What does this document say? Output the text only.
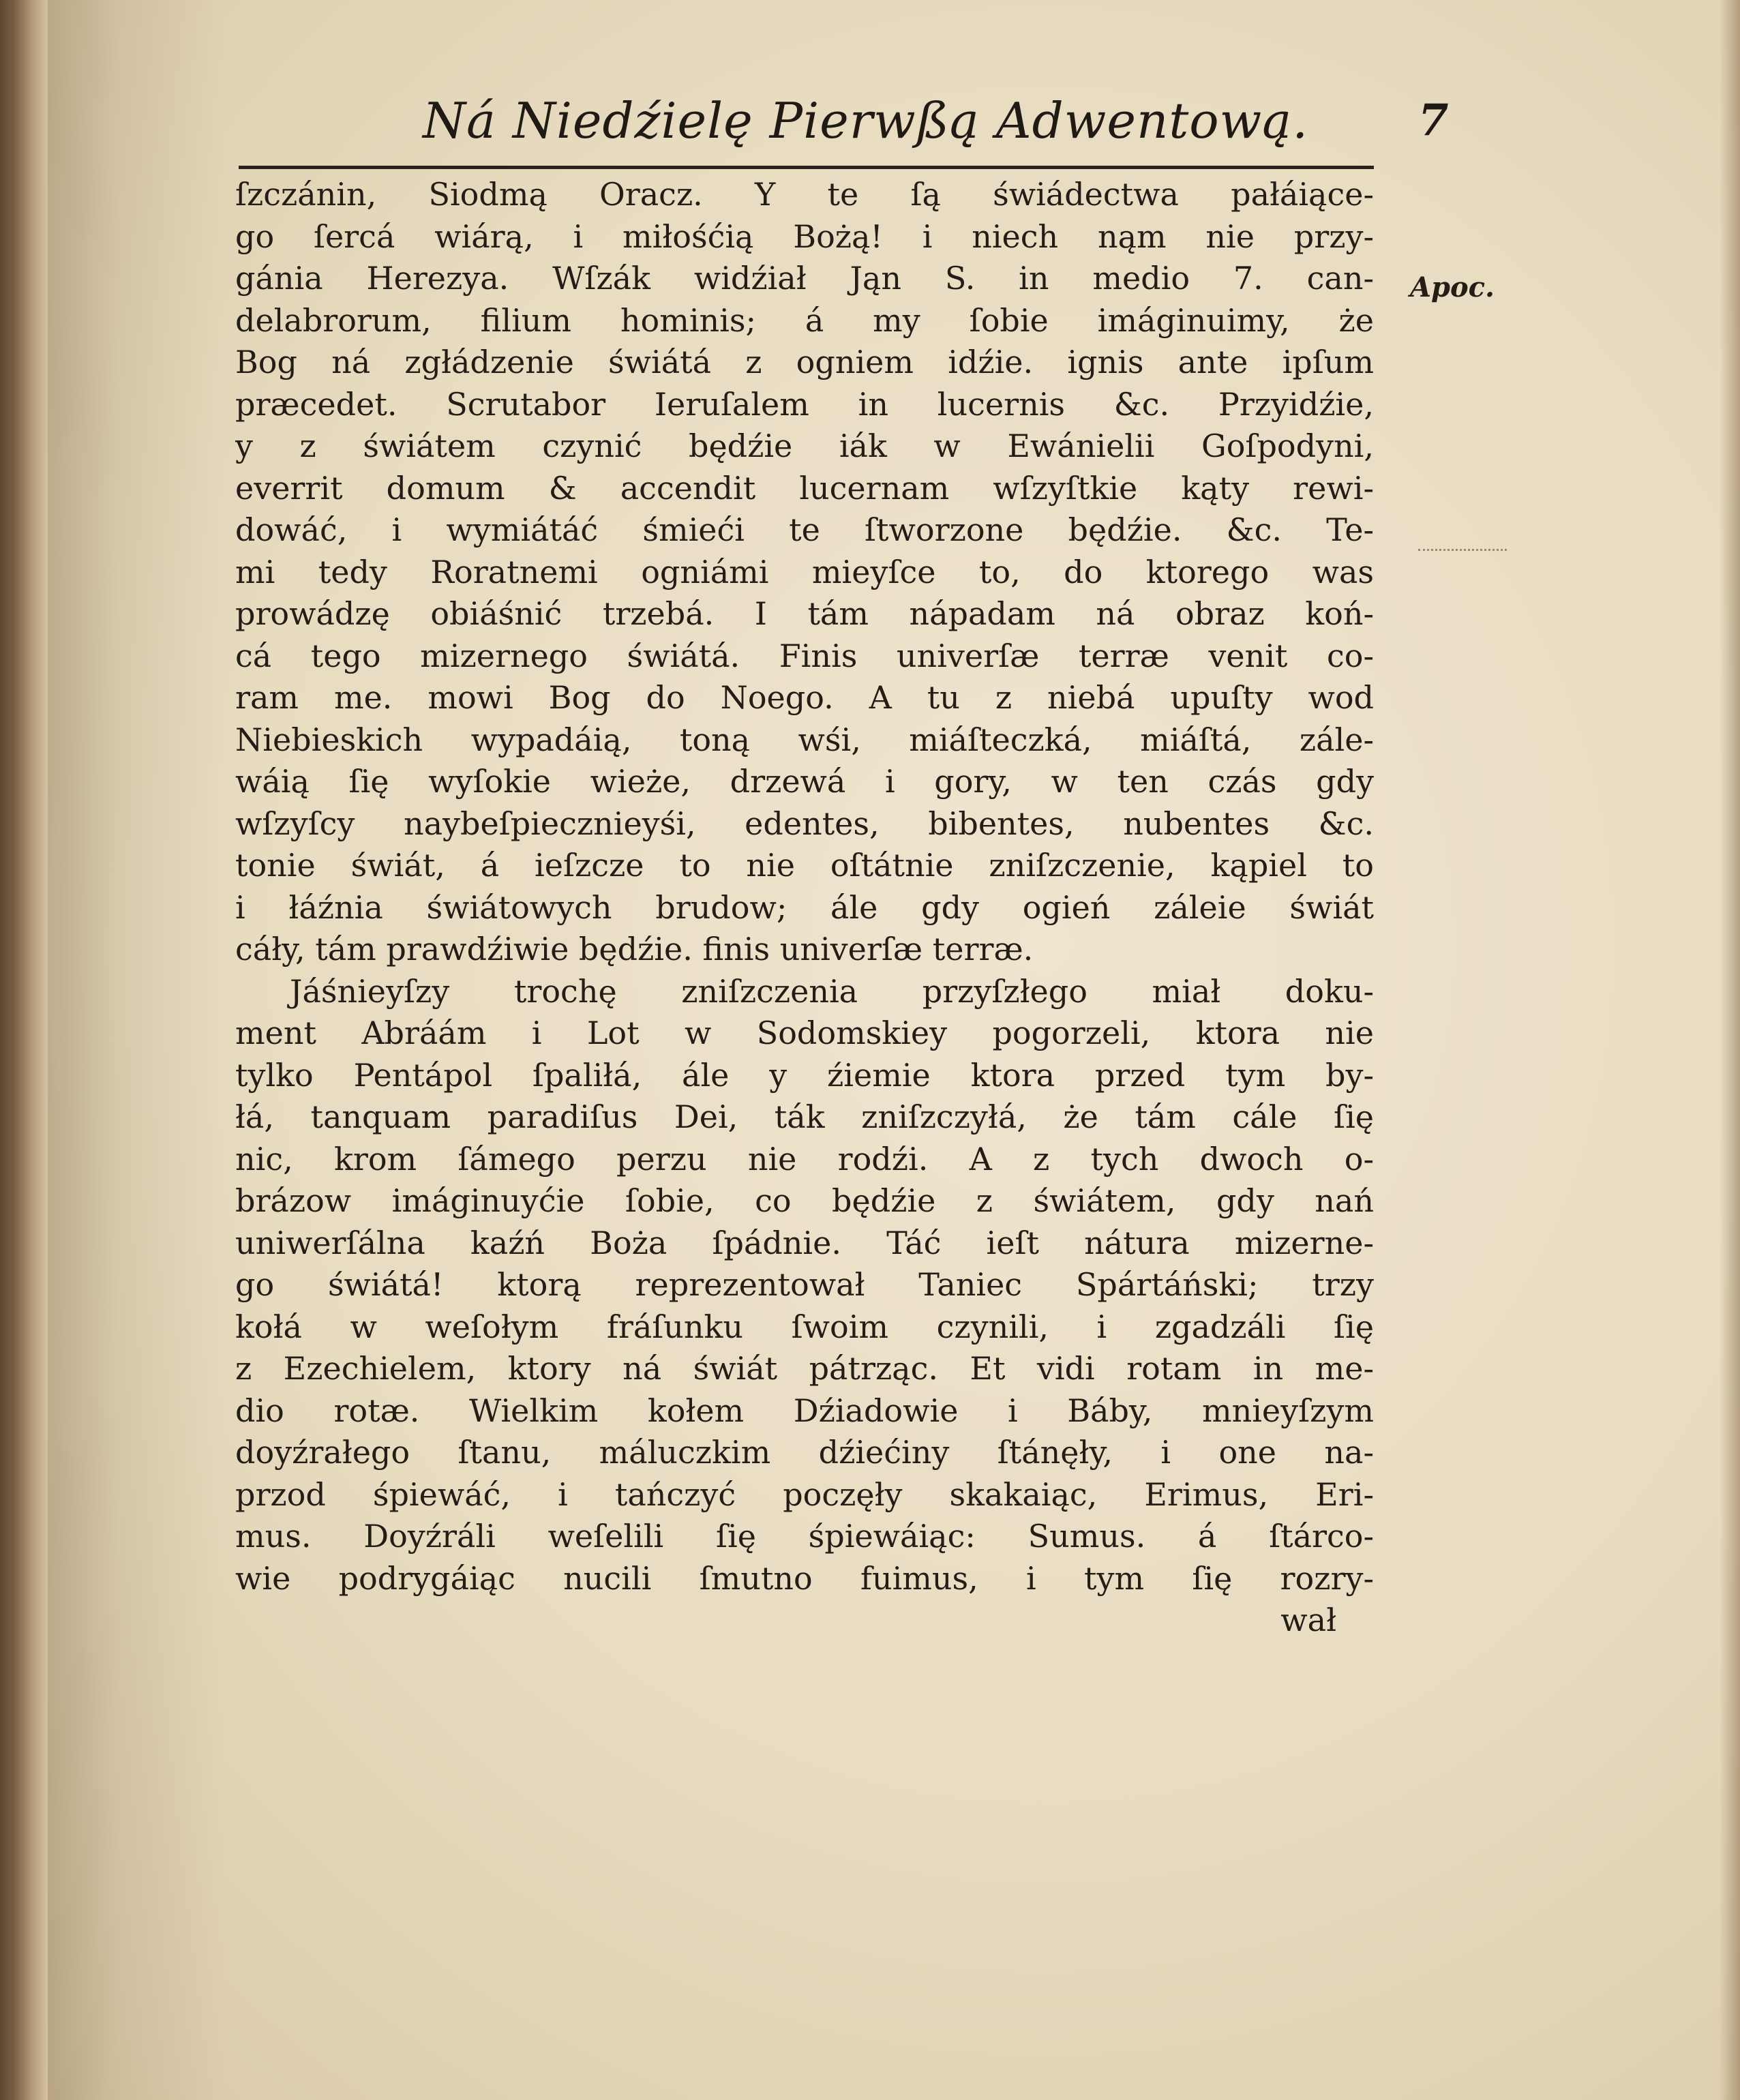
Ná Niedźielę Pierwßą Adwentową.	7
Apoc.
ſzczánin, Siodmą Oracz. Y te ſą świádectwa pałáiące-
go ſercá wiárą, i miłośćią Bożą! i niech nąm nie przy-
gánia Herezya. Wſzák widźiał Jąn S. in medio 7. can-
delabrorum, filium hominis; á my ſobie imáginuimy, że
Bog ná zgłádzenie świátá z ogniem idźie. ignis ante ipſum
præcedet. Scrutabor Ieruſalem in lucernis &c. Przyidźie,
y z świátem czynić będźie iák w Ewánielii Goſpodyni,
everrit domum & accendit lucernam wſzyſtkie kąty rewi-
dowáć, i wymiátáć śmieći te ſtworzone będźie. &c. Te-
mi tedy Roratnemi ogniámi mieyſce to, do ktorego was
prowádzę obiáśnić trzebá. I tám nápadam ná obraz koń-
cá tego mizernego świátá. Finis univerſæ terræ venit co-
ram me. mowi Bog do Noego. A tu z niebá upuſty wod
Niebieskich wypadáią, toną wśi, miáſteczká, miáſtá, zále-
wáią ſię wyſokie wieże, drzewá i gory, w ten czás gdy
wſzyſcy naybeſpiecznieyśi, edentes, bibentes, nubentes &c.
tonie świát, á ieſzcze to nie oſtátnie zniſzczenie, kąpiel to
i łáźnia świátowych brudow; ále gdy ogień záleie świát
cáły, tám prawdźiwie będźie. finis univerſæ terræ.
Jáśnieyſzy trochę zniſzczenia przyſzłego miał doku-
ment Abráám i Lot w Sodomskiey pogorzeli, ktora nie
tylko Pentápol ſpaliłá, ále y źiemie ktora przed tym by-
łá, tanquam paradiſus Dei, ták zniſzczyłá, że tám cále ſię
nic, krom ſámego perzu nie rodźi. A z tych dwoch o-
brázow imáginuyćie ſobie, co będźie z świátem, gdy nań
uniwerſálna kaźń Boża ſpádnie. Táć ieſt nátura mizerne-
go świátá! ktorą reprezentował Taniec Spártáński; trzy
kołá w weſołym fráſunku ſwoim czynili, i zgadzáli ſię
z Ezechielem, ktory ná świát pátrząc. Et vidi rotam in me-
dio rotæ. Wielkim kołem Dźiadowie i Báby, mnieyſzym
doyźrałego ſtanu, máluczkim dźiećiny ſtánęły, i one na-
przod śpiewáć, i tańczyć poczęły skakaiąc, Erimus, Eri-
mus. Doyźráli weſelili ſię śpiewáiąc: Sumus. á ſtárco-
wie podrygáiąc nucili ſmutno fuimus, i tym ſię rozry-
wał
